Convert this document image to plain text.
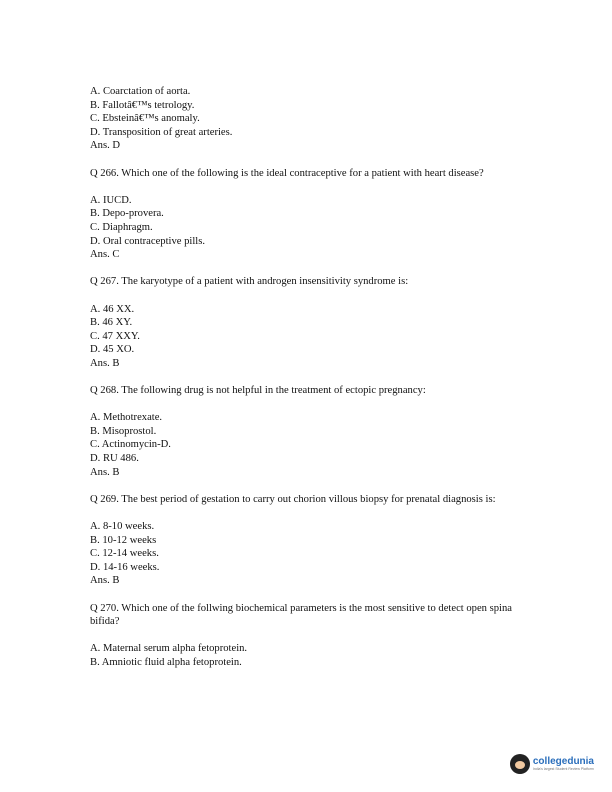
A. Coarctation of aorta.
B. Fallotâ€™s tetrology.
C. Ebsteinâ€™s anomaly.
D. Transposition of great arteries.
Ans. D
Q 266. Which one of the following is the ideal contraceptive for a patient with heart disease?
A. IUCD.
B. Depo-provera.
C. Diaphragm.
D. Oral contraceptive pills.
Ans. C
Q 267. The karyotype of a patient with androgen insensitivity syndrome is:
A. 46 XX.
B. 46 XY.
C. 47 XXY.
D. 45 XO.
Ans. B
Q 268. The following drug is not helpful in the treatment of ectopic pregnancy:
A. Methotrexate.
B. Misoprostol.
C. Actinomycin-D.
D. RU 486.
Ans. B
Q 269. The best period of gestation to carry out chorion villous biopsy for prenatal diagnosis is:
A. 8-10 weeks.
B. 10-12 weeks
C. 12-14 weeks.
D. 14-16 weeks.
Ans. B
Q 270. Which one of the follwing biochemical parameters is the most sensitive to detect open spina bifida?
A. Maternal serum alpha fetoprotein.
B. Amniotic fluid alpha fetoprotein.
collegedunia
India's largest Student Review Platform
